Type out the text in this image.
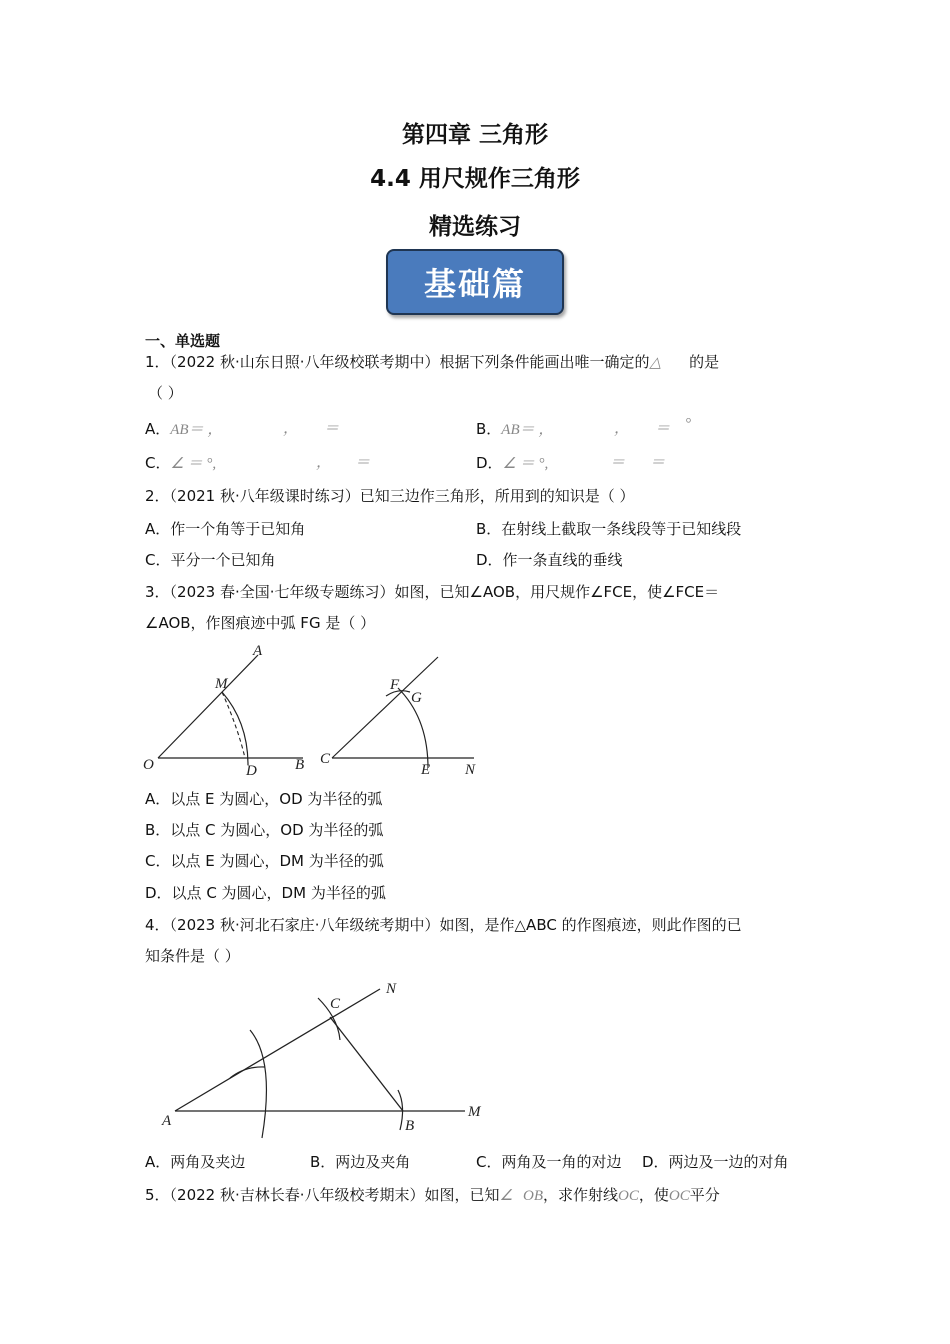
第四章 三角形
4.4 用尺规作三角形
精选练习
基础篇
一、单选题
1．（2022 秋·山东日照·八年级校联考期中）根据下列条件能画出唯一确定的△ 的是
（ ）
A．AB＝ ，	， ＝	B．AB＝ ，	， ＝ °
C．∠ ＝ °,	， ＝	D．∠ ＝ °,	＝ ＝
2．（2021 秋·八年级课时练习）已知三边作三角形，所用到的知识是（ ）
A．作一个角等于已知角	B．在射线上截取一条线段等于已知线段
C．平分一个已知角	D．作一条直线的垂线
3．（2023 春·全国·七年级专题练习）如图，已知∠AOB，用尺规作∠FCE，使∠FCE＝
∠AOB，作图痕迹中弧 FG 是（ ）
A
M
O	D	B
F
G
C
E N
A．以点 E 为圆心，OD 为半径的弧
B．以点 C 为圆心，OD 为半径的弧
C．以点 E 为圆心，DM 为半径的弧
D．以点 C 为圆心，DM 为半径的弧
4．（2023 秋·河北石家庄·八年级统考期中）如图，是作△ABC 的作图痕迹，则此作图的已
知条件是（ ）
C
N
A	B
M
A．两角及夹边	B．两边及夹角	C．两角及一角的对边 D．两边及一边的对角
5．（2022 秋·吉林长春·八年级校考期末）如图，已知∠ OB，求作射线OC，使OC平分
